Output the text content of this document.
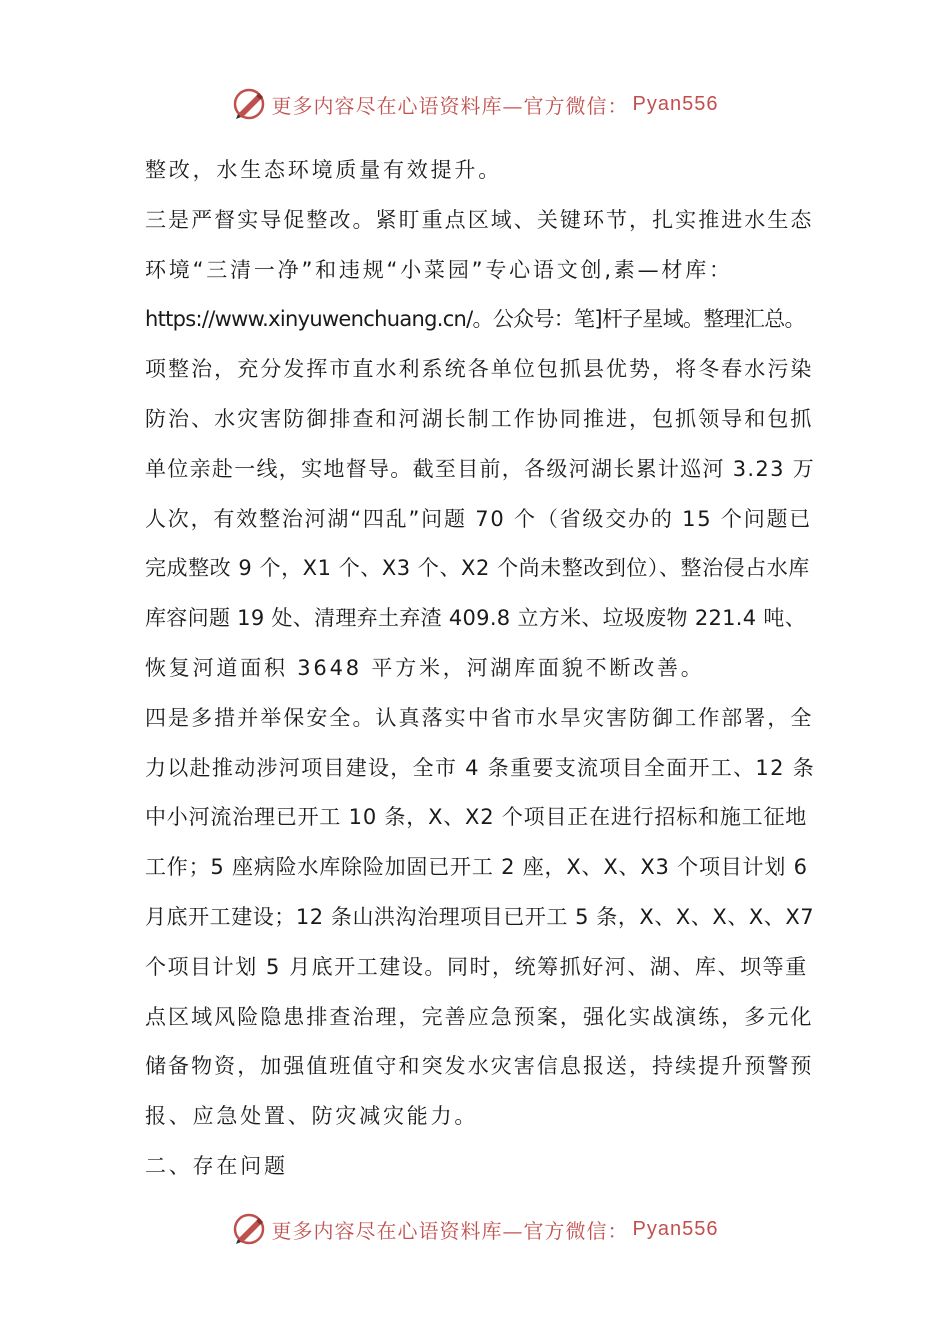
更多内容尽在心语资料库—官方微信： Pyan556
整改，水生态环境质量有效提升。
三是严督实导促整改。紧盯重点区域、关键环节，扎实推进水生态
环境“三清一净”和违规“小菜园”专心语文创,素—材库：
https://www.xinyuwenchuang.cn/。公众号：笔]杆子星域。整理汇总。
项整治，充分发挥市直水利系统各单位包抓县优势，将冬春水污染
防治、水灾害防御排查和河湖长制工作协同推进，包抓领导和包抓
单位亲赴一线，实地督导。截至目前，各级河湖长累计巡河 3.23 万
人次，有效整治河湖“四乱”问题 70 个（省级交办的 15 个问题已
完成整改 9 个，X1 个、X3 个、X2 个尚未整改到位）、整治侵占水库
库容问题 19 处、清理弃土弃渣 409.8 立方米、垃圾废物 221.4 吨、
恢复河道面积 3648 平方米，河湖库面貌不断改善。
四是多措并举保安全。认真落实中省市水旱灾害防御工作部署，全
力以赴推动涉河项目建设，全市 4 条重要支流项目全面开工、12 条
中小河流治理已开工 10 条，X、X2 个项目正在进行招标和施工征地
工作；5 座病险水库除险加固已开工 2 座，X、X、X3 个项目计划 6
月底开工建设；12 条山洪沟治理项目已开工 5 条，X、X、X、X、X7
个项目计划 5 月底开工建设。同时，统筹抓好河、湖、库、坝等重
点区域风险隐患排查治理，完善应急预案，强化实战演练，多元化
储备物资，加强值班值守和突发水灾害信息报送，持续提升预警预
报、应急处置、防灾减灾能力。
二、存在问题
更多内容尽在心语资料库—官方微信： Pyan556
